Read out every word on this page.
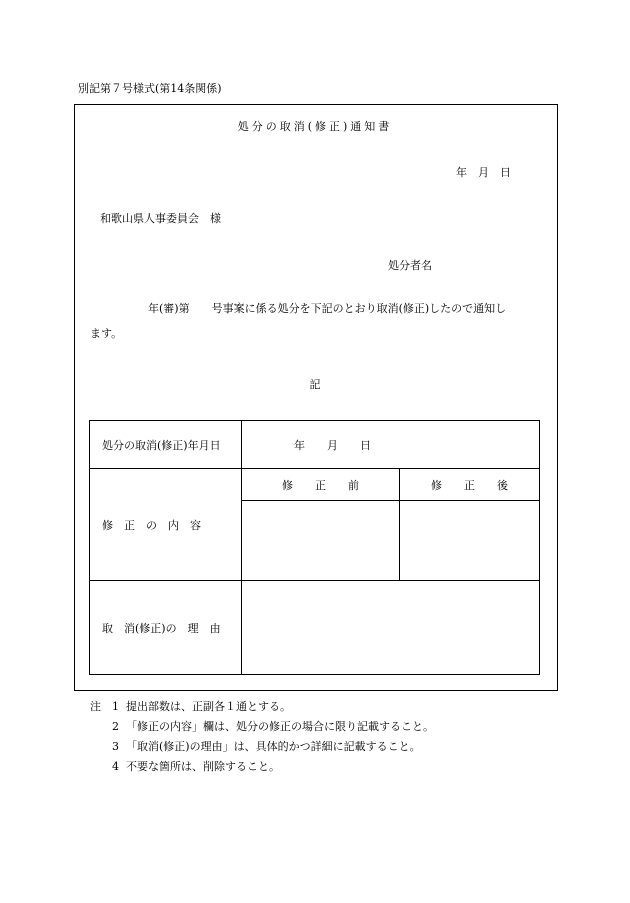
別記第７号様式(第14条関係)
処分の取消(修正)通知書
年　月　日
和歌山県人事委員会　様
処分者名
年(審)第　　号事案に係る処分を下記のとおり取消(修正)したので通知し
ます。
記
処分の取消(修正)年月日	年　　月　　日	
修　正　の　内　容	修　　正　　前	修　　正　　後

取　消(修正)の　理　由		
注 1 提出部数は、正副各１通とする。
2 「修正の内容」欄は、処分の修正の場合に限り記載すること。
3 「取消(修正)の理由」は、具体的かつ詳細に記載すること。
4 不要な箇所は、削除すること。
